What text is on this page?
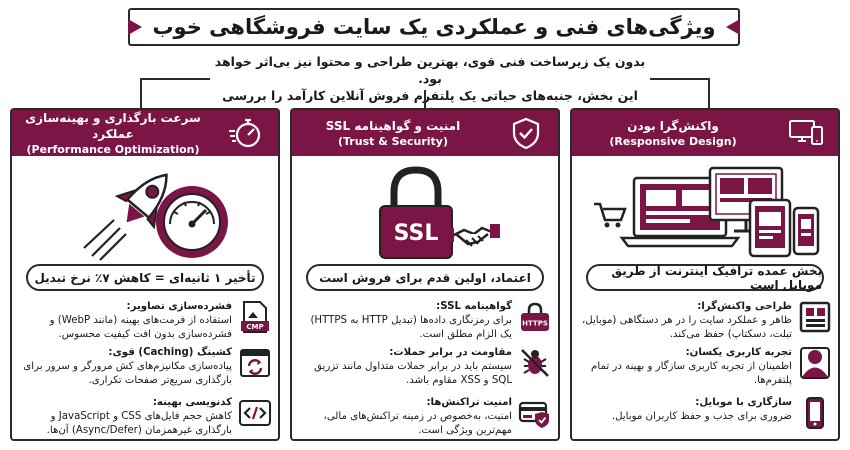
ویژگی‌های فنی و عملکردی یک سایت فروشگاهی خوب
بدون یک زیرساخت فنی قوی، بهترین طراحی و محتوا نیز بی‌اثر خواهد بود.
این بخش، جنبه‌های حیاتی یک پلتفرم فروش آنلاین کارآمد را بررسی
واکنش‌گرا بودن
(Responsive Design)
بخش عمده ترافیک اینترنت از طریق موبایل است
طراحی واکنش‌گرا:
ظاهر و عملکرد سایت را در هر دستگاهی (موبایل، تبلت، دسکتاپ) حفظ می‌کند.
تجربه کاربری یکسان:
اطمینان از تجربه کاربری سازگار و بهینه در تمام پلتفرم‌ها.
سازگاری با موبایل:
ضروری برای جذب و حفظ کاربران موبایل.
امنیت و گواهینامه SSL
(Trust & Security)
SSL
اعتماد، اولین قدم برای فروش است
HTTPS
گواهینامه SSL:
برای رمزنگاری داده‌ها (تبدیل HTTP به HTTPS) یک الزام مطلق است.
مقاومت در برابر حملات:
سیستم باید در برابر حملات متداول مانند تزریق SQL و XSS مقاوم باشد.
امنیت تراکنش‌ها:
امنیت، به‌خصوص در زمینه تراکنش‌های مالی، مهم‌ترین ویژگی است.
سرعت بارگذاری و بهینه‌سازی عملکرد
(Performance Optimization)
تأخیر ۱ ثانیه‌ای = کاهش ۷٪ نرخ تبدیل
CMP
فشرده‌سازی تصاویر:
استفاده از فرمت‌های بهینه (مانند WebP) و فشرده‌سازی بدون افت کیفیت محسوس.
کشینگ (Caching) قوی:
پیاده‌سازی مکانیزم‌های کش مرورگر و سرور برای بارگذاری سریع‌تر صفحات تکراری.
کدنویسی بهینه:
کاهش حجم فایل‌های CSS و JavaScript و بارگذاری غیرهمزمان (Async/Defer) آن‌ها.
